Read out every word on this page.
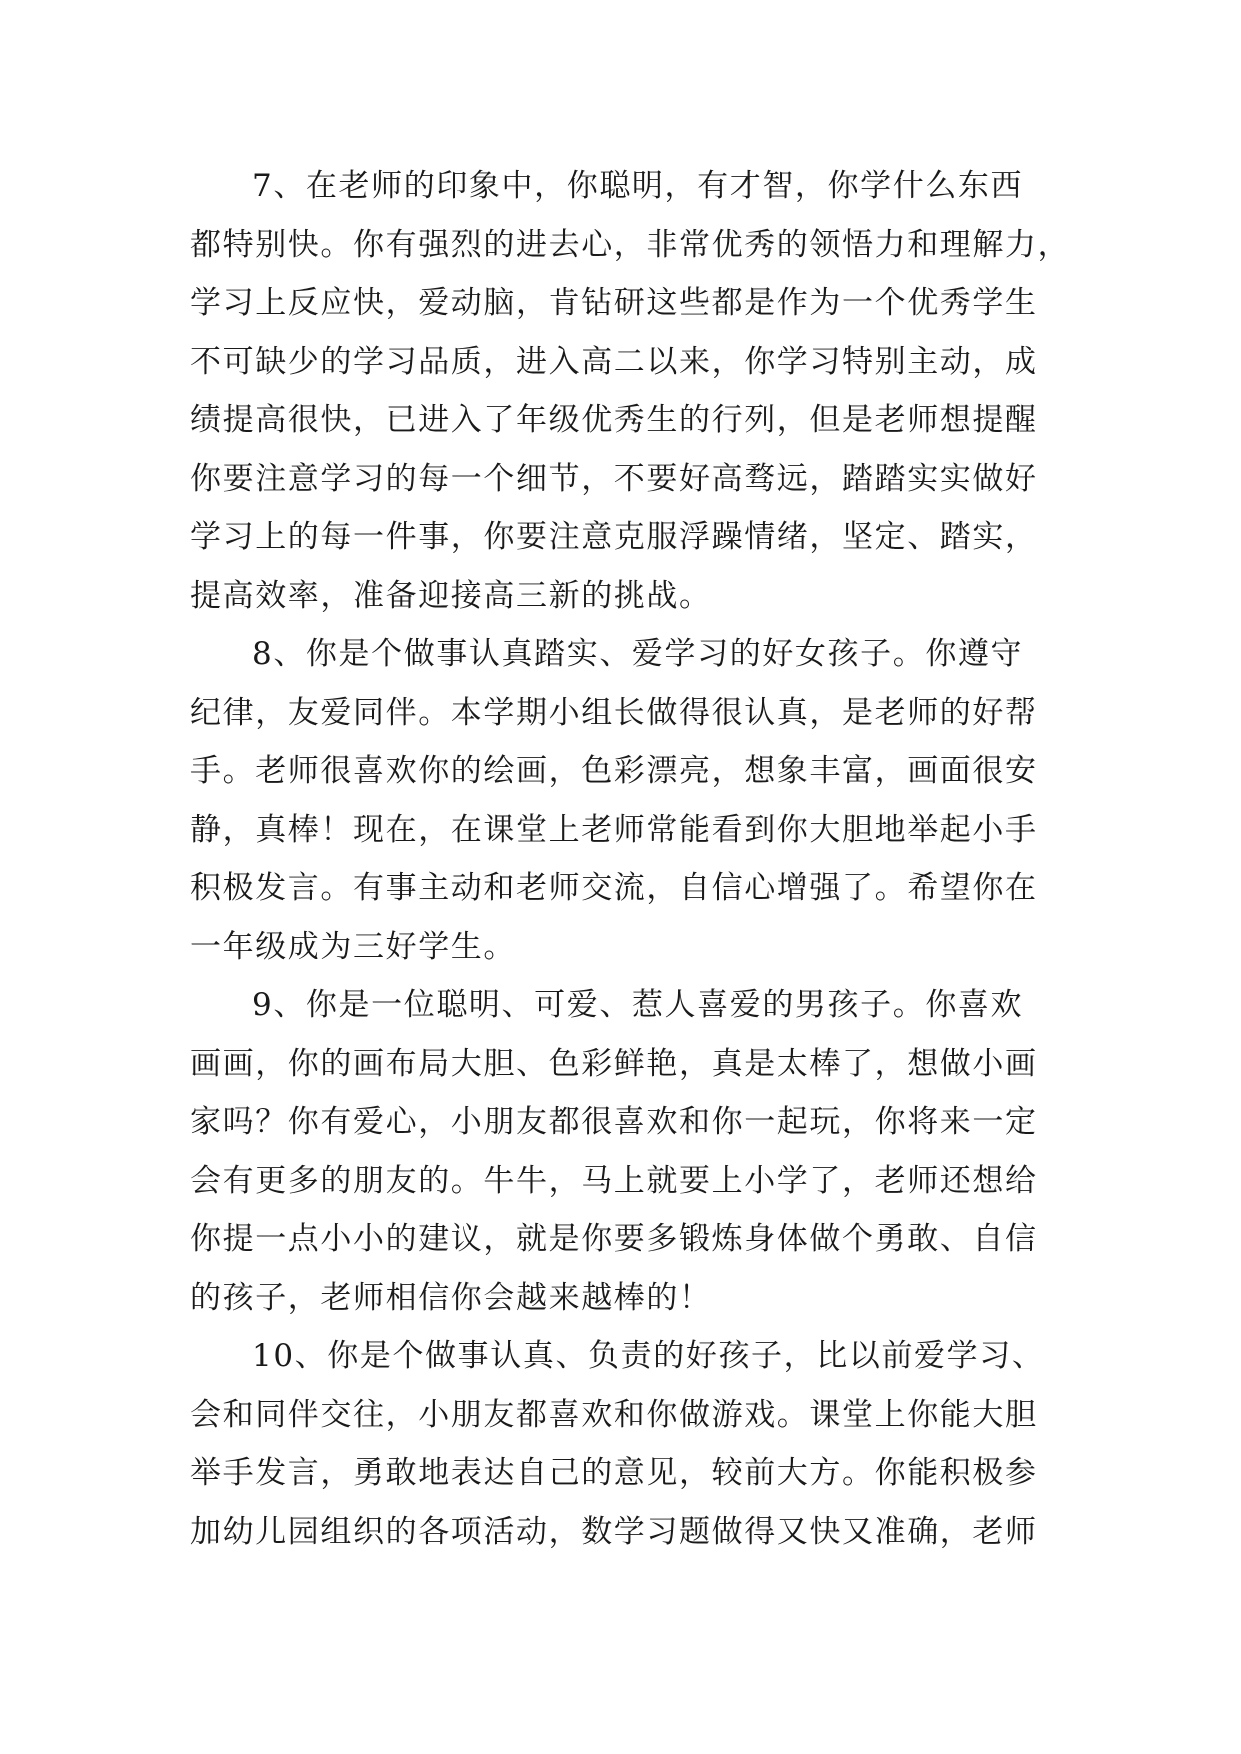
7、在老师的印象中，你聪明，有才智，你学什么东西
都特别快。你有强烈的进去心，非常优秀的领悟力和理解力，
学习上反应快，爱动脑，肯钻研这些都是作为一个优秀学生
不可缺少的学习品质，进入高二以来，你学习特别主动，成
绩提高很快，已进入了年级优秀生的行列，但是老师想提醒
你要注意学习的每一个细节，不要好高骛远，踏踏实实做好
学习上的每一件事，你要注意克服浮躁情绪，坚定、踏实，
提高效率，准备迎接高三新的挑战。
8、你是个做事认真踏实、爱学习的好女孩子。你遵守
纪律，友爱同伴。本学期小组长做得很认真，是老师的好帮
手。老师很喜欢你的绘画，色彩漂亮，想象丰富，画面很安
静，真棒！现在，在课堂上老师常能看到你大胆地举起小手
积极发言。有事主动和老师交流，自信心增强了。希望你在
一年级成为三好学生。
9、你是一位聪明、可爱、惹人喜爱的男孩子。你喜欢
画画，你的画布局大胆、色彩鲜艳，真是太棒了，想做小画
家吗？你有爱心，小朋友都很喜欢和你一起玩，你将来一定
会有更多的朋友的。牛牛，马上就要上小学了，老师还想给
你提一点小小的建议，就是你要多锻炼身体做个勇敢、自信
的孩子，老师相信你会越来越棒的！
10、你是个做事认真、负责的好孩子，比以前爱学习、
会和同伴交往，小朋友都喜欢和你做游戏。课堂上你能大胆
举手发言，勇敢地表达自己的意见，较前大方。你能积极参
加幼儿园组织的各项活动，数学习题做得又快又准确，老师
